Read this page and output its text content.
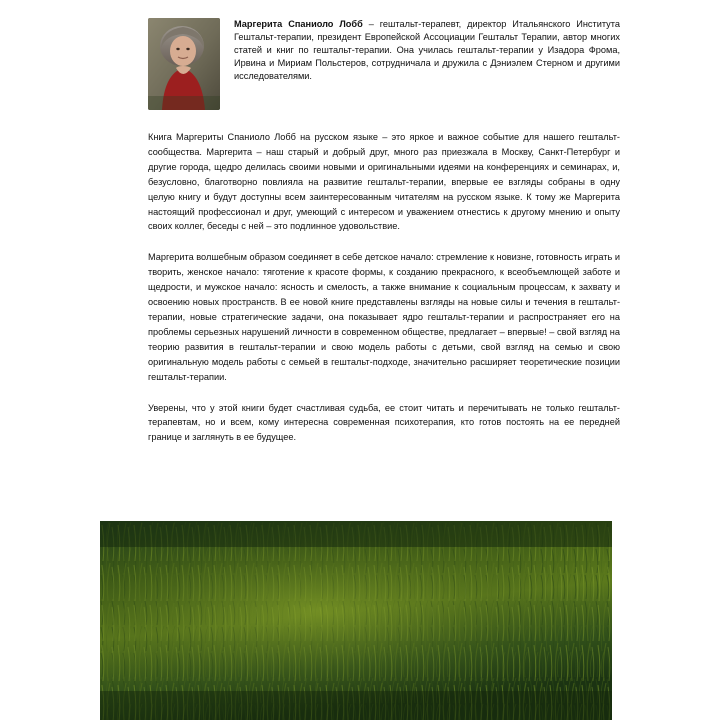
Маргерита Спаниоло Лобб – гештальт-терапевт, директор Итальянского Института Гештальт-терапии, президент Европейской Ассоциации Гештальт Терапии, автор многих статей и книг по гештальт-терапии. Она училась гештальт-терапии у Изадора Фрома, Ирвина и Мириам Польстеров, сотрудничала и дружила с Дэниэлем Стерном и другими исследователями.

Книга Маргериты Спаниоло Лобб на русском языке – это яркое и важное событие для нашего гештальт-сообщества. Маргерита – наш старый и добрый друг, много раз приезжала в Москву, Санкт-Петербург и другие города, щедро делилась своими новыми и оригинальными идеями на конференциях и семинарах, и, безусловно, благотворно повлияла на развитие гештальт-терапии, впервые ее взгляды собраны в одну целую книгу и будут доступны всем заинтересованным читателям на русском языке. К тому же Маргерита настоящий профессионал и друг, умеющий с интересом и уважением отнестись к другому мнению и опыту своих коллег, беседы с ней – это подлинное удовольствие.

Маргерита волшебным образом соединяет в себе детское начало: стремление к новизне, готовность играть и творить, женское начало: тяготение к красоте формы, к созданию прекрасного, к всеобъемлющей заботе и щедрости, и мужское начало: ясность и смелость, а также внимание к социальным процессам, к захвату и освоению новых пространств. В ее новой книге представлены взгляды на новые силы и течения в гештальт-терапии, новые стратегические задачи, она показывает ядро гештальт-терапии и распространяет его на проблемы серьезных нарушений личности в современном обществе, предлагает – впервые! – свой взгляд на теорию развития в гештальт-терапии и свою модель работы с детьми, свой взгляд на семью и свою оригинальную модель работы с семьей в гештальт-подходе, значительно расширяет теоретические позиции гештальт-терапии.

Уверены, что у этой книги будет счастливая судьба, ее стоит читать и перечитывать не только гештальт-терапевтам, но и всем, кому интересна современная психотерапия, кто готов постоять на ее передней границе и заглянуть в ее будущее.
